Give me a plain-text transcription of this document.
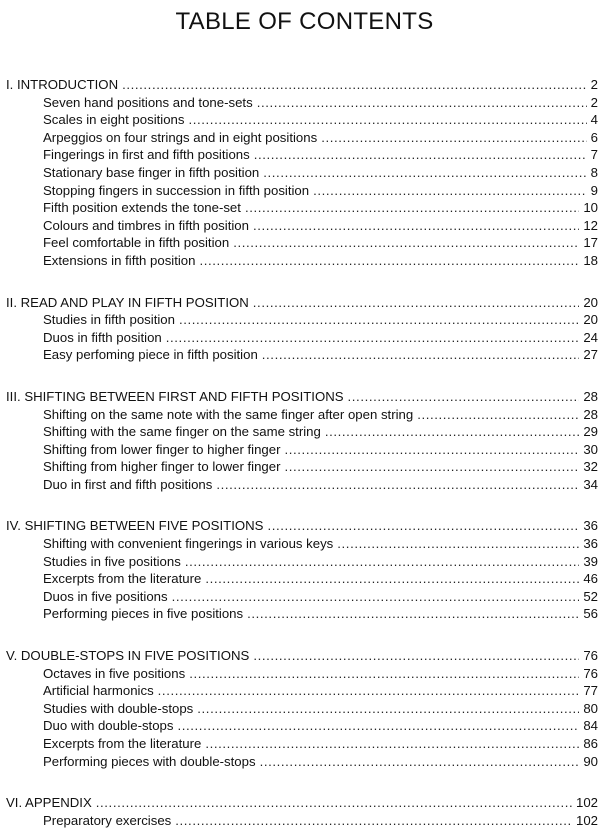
TABLE OF CONTENTS
I. INTRODUCTION .....	2
Seven hand positions and tone-sets .....	2
Scales in eight positions .....	4
Arpeggios on four strings and in eight positions .....	6
Fingerings in first and fifth positions .....	7
Stationary base finger in fifth position .....	8
Stopping fingers in succession in fifth position .....	9
Fifth position extends the tone-set .....	10
Colours and timbres in fifth position .....	12
Feel comfortable in fifth position .....	17
Extensions in fifth position .....	18
II. READ AND PLAY IN FIFTH POSITION .....	20
Studies in fifth position .....	20
Duos in fifth position .....	24
Easy perfoming piece in fifth position .....	27
III. SHIFTING BETWEEN FIRST AND FIFTH POSITIONS .....	28
Shifting on the same note with the same finger after open string .....	28
Shifting with the same finger on the same string .....	29
Shifting from lower finger to higher finger .....	30
Shifting from higher finger to lower finger .....	32
Duo in first and fifth positions .....	34
IV. SHIFTING BETWEEN FIVE POSITIONS .....	36
Shifting with convenient fingerings in various keys .....	36
Studies in five positions .....	39
Excerpts from the literature .....	46
Duos in five positions .....	52
Performing pieces in five positions .....	56
V. DOUBLE-STOPS IN FIVE POSITIONS .....	76
Octaves in five positions .....	76
Artificial harmonics .....	77
Studies with double-stops .....	80
Duo with double-stops .....	84
Excerpts from the literature .....	86
Performing pieces with double-stops .....	90
VI. APPENDIX .....	102
Preparatory exercises .....	102
